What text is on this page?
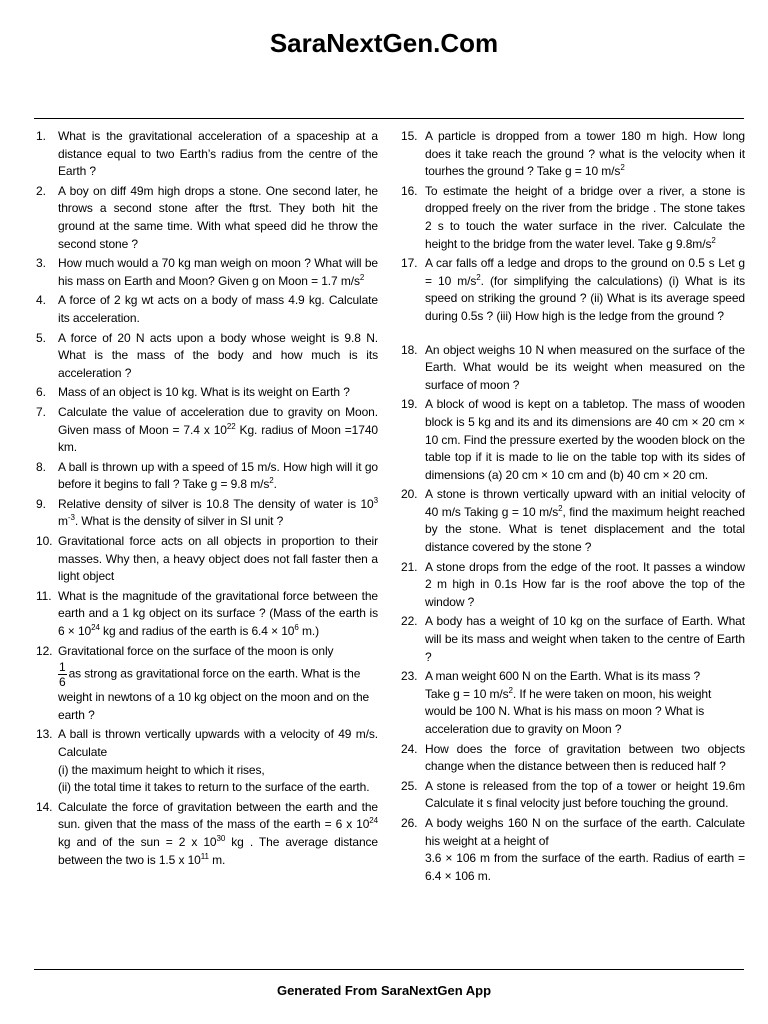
SaraNextGen.Com
1.	What is the gravitational acceleration of a spaceship at a distance equal to two Earth’s radius from the centre of the Earth ?
2.	A boy on diff 49m high drops a stone. One second later, he throws a second stone after the ftrst. They both hit the ground at the same time. With what speed did he throw the second stone ?
3.	How much would a 70 kg man weigh on moon ? What will be his mass on Earth and Moon? Given g on Moon = 1.7 $m/s^2$
4.	A force of 2 kg wt acts on a body of mass 4.9 kg. Calculate its acceleration.
5.	A force of 20 N acts upon a body whose weight is 9.8 N. What is the mass of the body and how much is its acceleration ?
6.	Mass of an object is 10 kg. What is its weight on Earth ?
7.	Calculate the value of acceleration due to gravity on Moon. Given mass of Moon = 7.4 x $10^{22}$ Kg. radius of Moon =1740 km.
8.	A ball is thrown up with a speed of 15 m/s. How high will it go before it begins to fall ? Take g = 9.8 $m/s^2$.
9.	Relative density of silver is 10.8 The density of water is $10^3$ $m^{-3}$. What is the density of silver in SI unit ?
10. Gravitational force acts on all objects in proportion to their masses. Why then, a heavy object does not fall faster then a light object
11. What is the magnitude of the gravitational force between the earth and a 1 kg object on its surface ? (Mass of the earth is $6 \times 10^{24}$ kg and radius of the earth is $6.4 \times 10^6$ m.)
12. Gravitational force on the surface of the moon is only

$\frac{1}{6}$ as strong as gravitational force on the earth. What is the weight in newtons of a 10 kg object on the moon and on the earth ?
13. A ball is thrown vertically upwards with a velocity of 49 m/s. Calculate
(i) the maximum height to which it rises,
(ii) the total time it takes to return to the surface of the earth.
14. Calculate the force of gravitation between the earth and the sun. given that the mass of the mass of the earth = 6 x $10^{24}$ kg and of the sun = 2 x $10^{30}$ kg . The average distance between the two is 1.5 x $10^{11}$ m.
15. A particle is dropped from a tower 180 m high. How long does it take reach the ground ? what is the velocity when it tourhes the ground ? Take g = 10 $m/s^2$
16. To estimate the height of a bridge over a river, a stone is dropped freely on the river from the bridge . The stone takes 2 s to touch the water surface in the river. Calculate the height to the bridge from the water level. Take g $9.8m/s^2$
17. A car falls off a ledge and drops to the ground on 0.5 s Let g = 10 $m/s^2$. (for simplifying the calculations) (i) What is its speed on striking the ground ? (ii) What is its average speed during 0.5s ? (iii) How high is the ledge from the ground ?
18. An object weighs 10 N when measured on the surface of the Earth. What would be its weight when measured on the surface of moon ?
19. A block of wood is kept on a tabletop. The mass of wooden block is 5 kg and its and its dimensions are 40 cm × 20 cm × 10 cm. Find the pressure exerted by the wooden block on the table top if it is made to lie on the table top with its sides of dimensions (a) 20 cm × 10 cm and (b) 40 cm × 20 cm.
20. A stone is thrown vertically upward with an initial velocity of 40 m/s Taking g = 10 $m/s^2$, find the maximum height reached by the stone. What is tenet displacement and the total distance covered by the stone ?
21. A stone drops from the edge of the root. It passes a window 2 m high in 0.1s How far is the roof above the top of the window ?
22. A body has a weight of 10 kg on the surface of Earth. What will be its mass and weight when taken to the centre of Earth ?
23. A man weight 600 N on the Earth. What is its mass ?
Take g = 10 $m/s^2$. If he were taken on moon, his weight would be 100 N. What is his mass on moon ? What is acceleration due to gravity on Moon ?
24. How does the force of gravitation between two objects change when the distance between then is reduced half ?
25. A stone is released from the top of a tower or height 19.6m Calculate it s final velocity just before touching the ground.
26. A body weighs 160 N on the surface of the earth. Calculate his weight at a height of
3.6 × 106 m from the surface of the earth. Radius of earth = 6.4 × 106 m.
Generated From SaraNextGen App
